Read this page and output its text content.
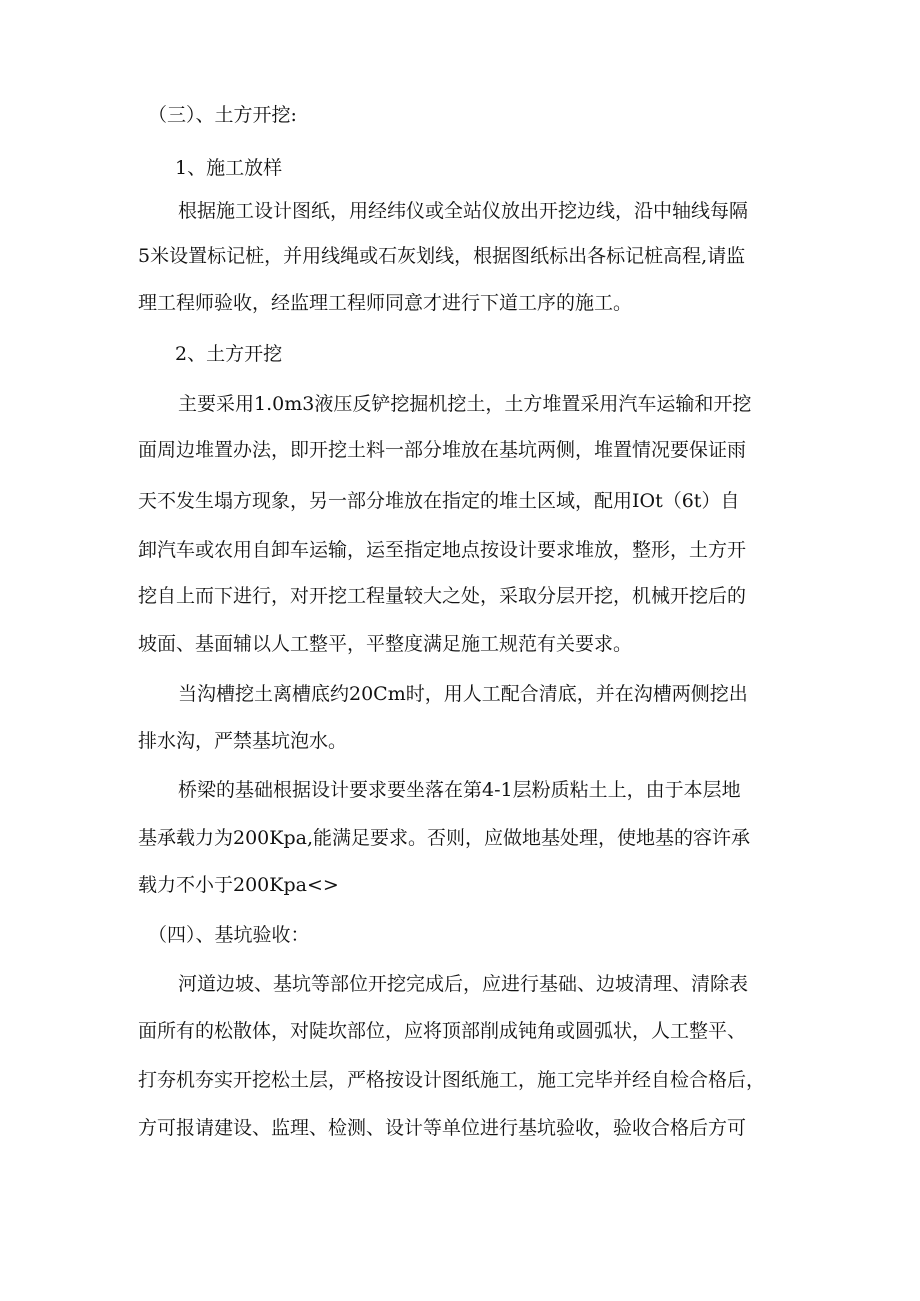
（三）、土方开挖:
1、施工放样
根据施工设计图纸，用经纬仪或全站仪放出开挖边线，沿中轴线每隔
5米设置标记桩，并用线绳或石灰划线，根据图纸标出各标记桩高程,请监
理工程师验收，经监理工程师同意才进行下道工序的施工。
2、土方开挖
主要采用1.0m3液压反铲挖掘机挖土，土方堆置采用汽车运输和开挖
面周边堆置办法，即开挖土料一部分堆放在基坑两侧，堆置情况要保证雨
天不发生塌方现象，另一部分堆放在指定的堆土区域，配用IOt（6t）自
卸汽车或农用自卸车运输，运至指定地点按设计要求堆放，整形，土方开
挖自上而下进行，对开挖工程量较大之处，采取分层开挖，机械开挖后的
坡面、基面辅以人工整平，平整度满足施工规范有关要求。
当沟槽挖土离槽底约20Cm时，用人工配合清底，并在沟槽两侧挖出
排水沟，严禁基坑泡水。
桥梁的基础根据设计要求要坐落在第4-1层粉质粘土上，由于本层地
基承载力为200Kpa,能满足要求。否则，应做地基处理，使地基的容许承
载力不小于200Kpa<>
（四）、基坑验收：
河道边坡、基坑等部位开挖完成后，应进行基础、边坡清理、清除表
面所有的松散体，对陡坎部位，应将顶部削成钝角或圆弧状，人工整平、
打夯机夯实开挖松土层，严格按设计图纸施工，施工完毕并经自检合格后，
方可报请建设、监理、检测、设计等单位进行基坑验收，验收合格后方可
